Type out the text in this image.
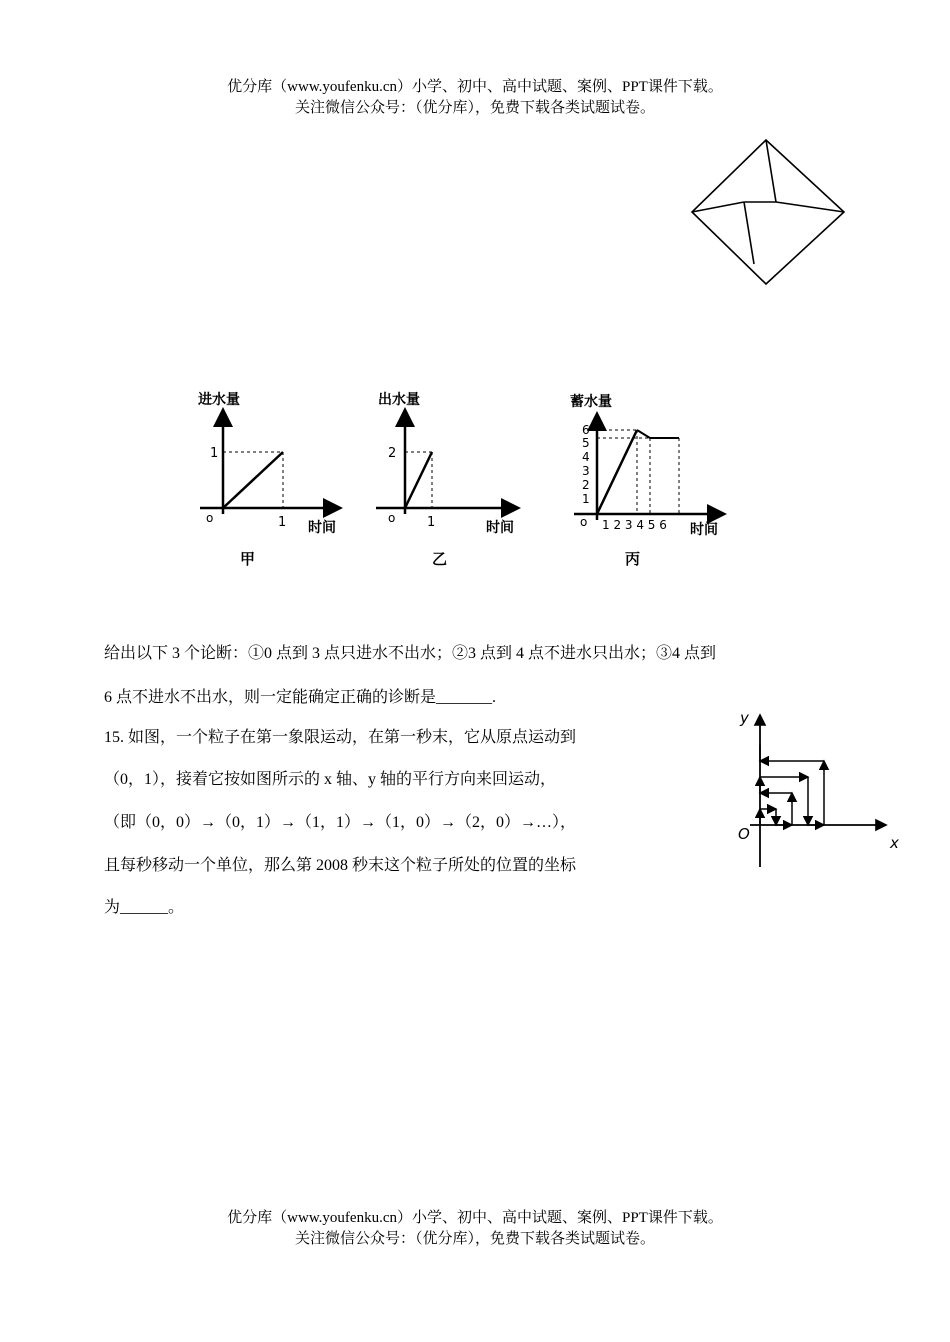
优分库（www.youfenku.cn）小学、初中、高中试题、案例、PPT课件下载。
关注微信公众号：（优分库），免费下载各类试题试卷。
进水量
1
o	1 时间
甲
出水量
2
o 1	时间
乙
蓄水量
6
5
4
3
2
1
o 1 2 3 4 5 6 时间
丙
给出以下 3 个论断：①0 点到 3 点只进水不出水；②3 点到 4 点不进水只出水；③4 点到
6 点不进水不出水，则一定能确定正确的诊断是_______.
15. 如图，一个粒子在第一象限运动，在第一秒末，它从原点运动到
（0，1），接着它按如图所示的 x 轴、y 轴的平行方向来回运动，
（即（0，0）→（0，1）→（1，1）→（1，0）→（2，0）→…），
且每秒移动一个单位，那么第 2008 秒末这个粒子所处的位置的坐标
为______。
y
x
O
优分库（www.youfenku.cn）小学、初中、高中试题、案例、PPT课件下载。
关注微信公众号：（优分库），免费下载各类试题试卷。
